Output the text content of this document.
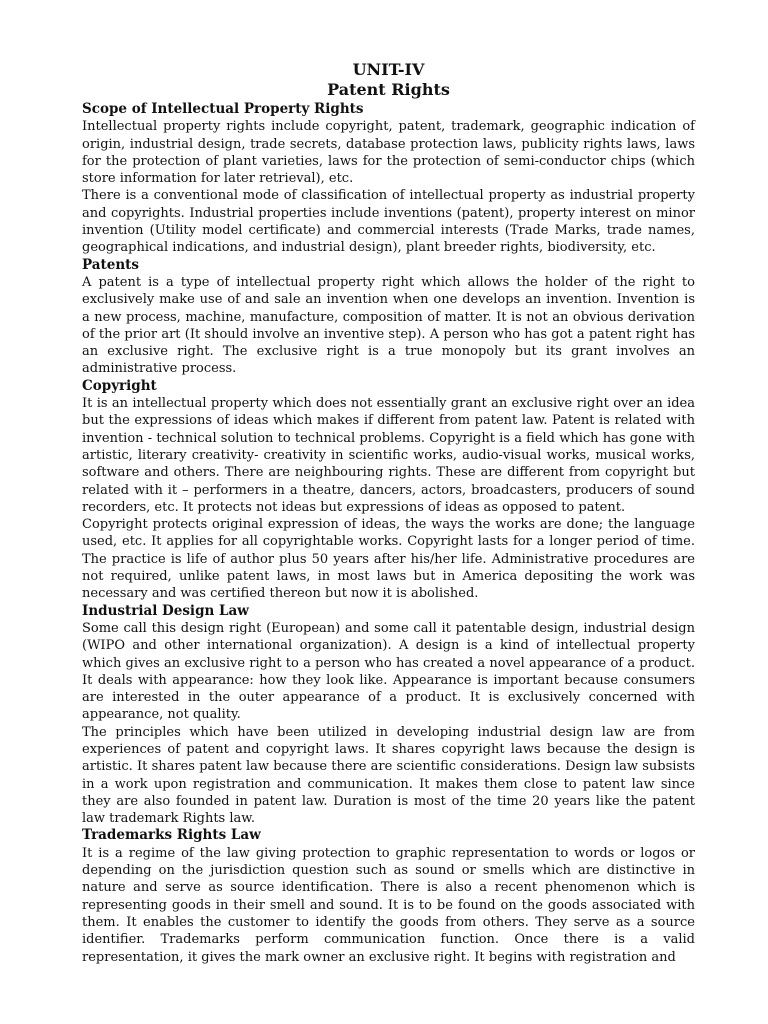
UNIT-IV
Patent Rights
Scope of Intellectual Property Rights

Intellectual property rights include copyright, patent, trademark, geographic indication of origin, industrial design, trade secrets, database protection laws, publicity rights laws, laws for the protection of plant varieties, laws for the protection of semi-conductor chips (which store information for later retrieval), etc.

There is a conventional mode of classification of intellectual property as industrial property and copyrights. Industrial properties include inventions (patent), property interest on minor invention (Utility model certificate) and commercial interests (Trade Marks, trade names, geographical indications, and industrial design), plant breeder rights, biodiversity, etc.

Patents

A patent is a type of intellectual property right which allows the holder of the right to exclusively make use of and sale an invention when one develops an invention. Invention is a new process, machine, manufacture, composition of matter. It is not an obvious derivation of the prior art (It should involve an inventive step). A person who has got a patent right has an exclusive right. The exclusive right is a true monopoly but its grant involves an administrative process.

Copyright

It is an intellectual property which does not essentially grant an exclusive right over an idea but the expressions of ideas which makes if different from patent law. Patent is related with invention - technical solution to technical problems. Copyright is a field which has gone with artistic, literary creativity- creativity in scientific works, audio-visual works, musical works, software and others. There are neighbouring rights. These are different from copyright but related with it – performers in a theatre, dancers, actors, broadcasters, producers of sound recorders, etc. It protects not ideas but expressions of ideas as opposed to patent.

Copyright protects original expression of ideas, the ways the works are done; the language used, etc. It applies for all copyrightable works. Copyright lasts for a longer period of time. The practice is life of author plus 50 years after his/her life. Administrative procedures are not required, unlike patent laws, in most laws but in America depositing the work was necessary and was certified thereon but now it is abolished.

Industrial Design Law

Some call this design right (European) and some call it patentable design, industrial design (WIPO and other international organization). A design is a kind of intellectual property which gives an exclusive right to a person who has created a novel appearance of a product. It deals with appearance: how they look like. Appearance is important because consumers are interested in the outer appearance of a product. It is exclusively concerned with appearance, not quality.

The principles which have been utilized in developing industrial design law are from experiences of patent and copyright laws. It shares copyright laws because the design is artistic. It shares patent law because there are scientific considerations. Design law subsists in a work upon registration and communication. It makes them close to patent law since they are also founded in patent law. Duration is most of the time 20 years like the patent law trademark Rights law.

Trademarks Rights Law

It is a regime of the law giving protection to graphic representation to words or logos or depending on the jurisdiction question such as sound or smells which are distinctive in nature and serve as source identification. There is also a recent phenomenon which is representing goods in their smell and sound. It is to be found on the goods associated with them. It enables the customer to identify the goods from others. They serve as a source identifier. Trademarks perform communication function. Once there is a valid representation, it gives the mark owner an exclusive right. It begins with registration and
